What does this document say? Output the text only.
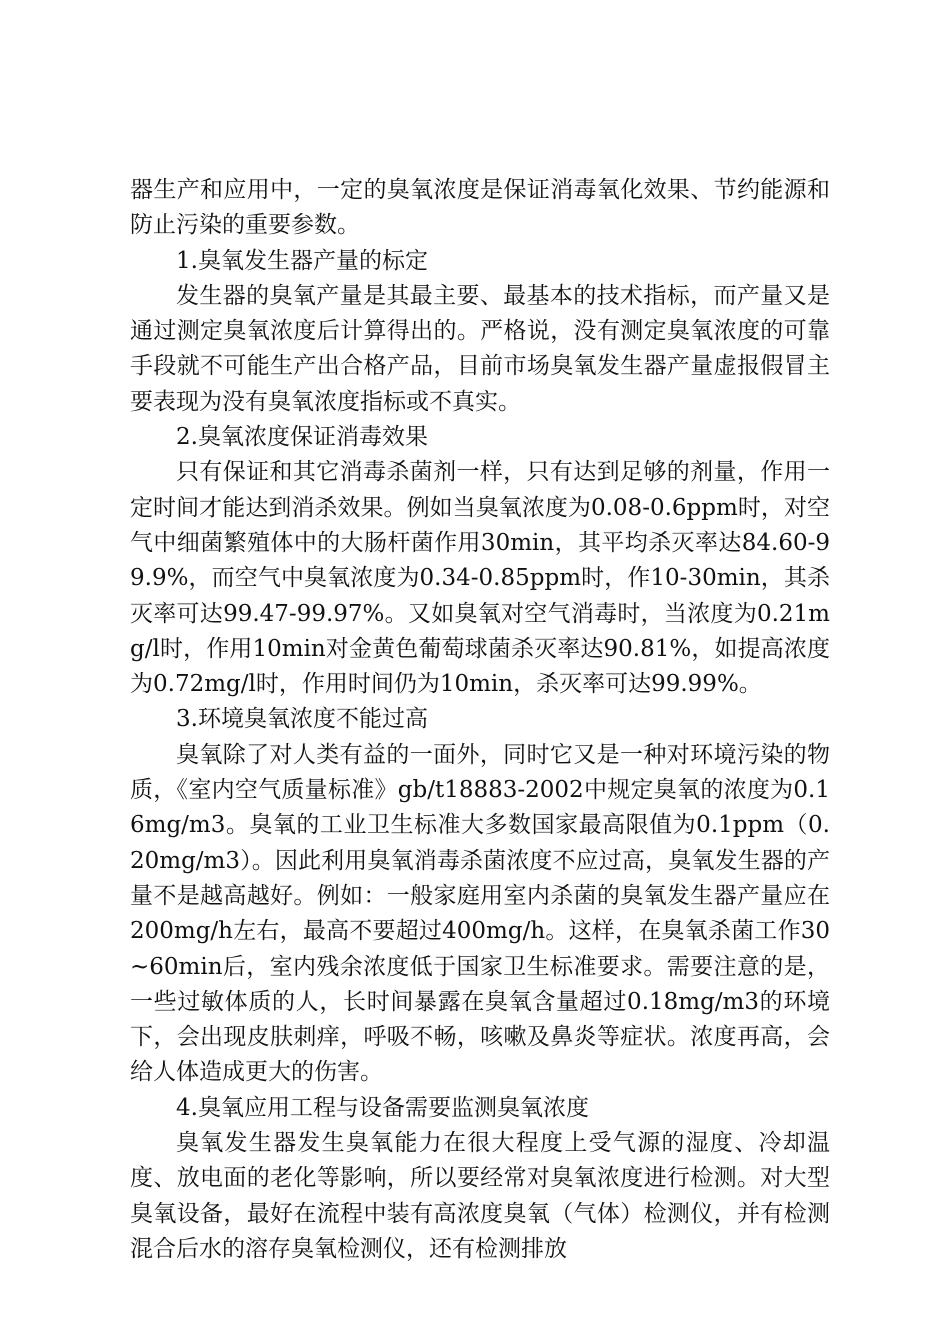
器生产和应用中，一定的臭氧浓度是保证消毒氧化效果、节约能源和防止污染的重要参数。

1.臭氧发生器产量的标定

发生器的臭氧产量是其最主要、最基本的技术指标，而产量又是通过测定臭氧浓度后计算得出的。严格说，没有测定臭氧浓度的可靠手段就不可能生产出合格产品，目前市场臭氧发生器产量虚报假冒主要表现为没有臭氧浓度指标或不真实。

2.臭氧浓度保证消毒效果

只有保证和其它消毒杀菌剂一样，只有达到足够的剂量，作用一定时间才能达到消杀效果。例如当臭氧浓度为0.08-0.6ppm时，对空气中细菌繁殖体中的大肠杆菌作用30min，其平均杀灭率达84.60-99.9%，而空气中臭氧浓度为0.34-0.85ppm时，作10-30min，其杀灭率可达99.47-99.97%。又如臭氧对空气消毒时，当浓度为0.21mg/l时，作用10min对金黄色葡萄球菌杀灭率达90.81%，如提高浓度为0.72mg/l时，作用时间仍为10min，杀灭率可达99.99%。

3.环境臭氧浓度不能过高

臭氧除了对人类有益的一面外，同时它又是一种对环境污染的物质，《室内空气质量标准》gb/t18883-2002中规定臭氧的浓度为0.16mg/m3。臭氧的工业卫生标准大多数国家最高限值为0.1ppm（0.20mg/m3）。因此利用臭氧消毒杀菌浓度不应过高，臭氧发生器的产量不是越高越好。例如：一般家庭用室内杀菌的臭氧发生器产量应在200mg/h左右，最高不要超过400mg/h。这样，在臭氧杀菌工作30~60min后，室内残余浓度低于国家卫生标准要求。需要注意的是，一些过敏体质的人，长时间暴露在臭氧含量超过0.18mg/m3的环境下，会出现皮肤刺痒，呼吸不畅，咳嗽及鼻炎等症状。浓度再高，会给人体造成更大的伤害。

4.臭氧应用工程与设备需要监测臭氧浓度

臭氧发生器发生臭氧能力在很大程度上受气源的湿度、冷却温度、放电面的老化等影响，所以要经常对臭氧浓度进行检测。对大型臭氧设备，最好在流程中装有高浓度臭氧（气体）检测仪，并有检测混合后水的溶存臭氧检测仪，还有检测排放
